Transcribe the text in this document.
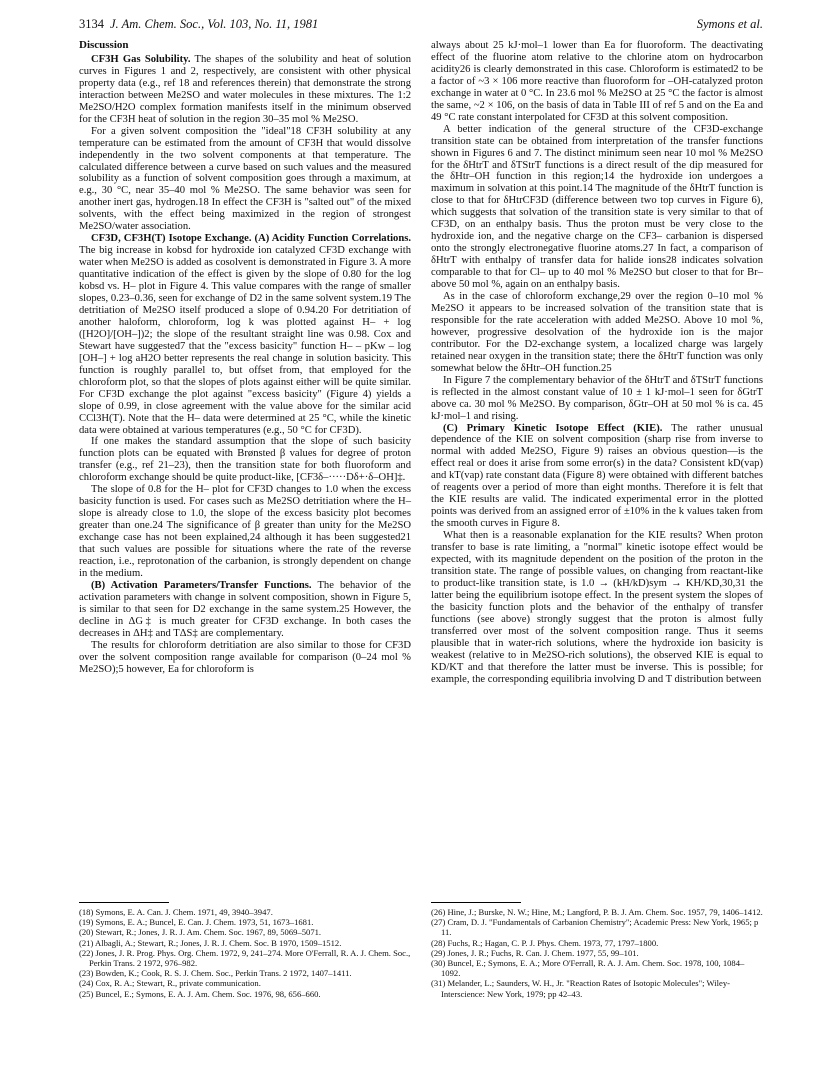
3134 J. Am. Chem. Soc., Vol. 103, No. 11, 1981	Symons et al.
Discussion

CF3H Gas Solubility. The shapes of the solubility and heat of solution curves in Figures 1 and 2, respectively, are consistent with other physical property data (e.g., ref 18 and references therein) that demonstrate the strong interaction between Me2SO and water molecules in these mixtures. The 1:2 Me2SO/H2O complex formation manifests itself in the minimum observed for the CF3H heat of solution in the region 30–35 mol % Me2SO.

For a given solvent composition the "ideal"18 CF3H solubility at any temperature can be estimated from the amount of CF3H that would dissolve independently in the two solvent components at that temperature. The calculated difference between a curve based on such values and the measured solubility as a function of solvent composition goes through a maximum, at e.g., 30 °C, near 35–40 mol % Me2SO. The same behavior was seen for another inert gas, hydrogen.18 In effect the CF3H is "salted out" of the mixed solvents, with the effect being maximized in the region of strongest Me2SO/water association.

CF3D, CF3H(T) Isotope Exchange. (A) Acidity Function Correlations. The big increase in kobsd for hydroxide ion catalyzed CF3D exchange with water when Me2SO is added as cosolvent is demonstrated in Figure 3. A more quantitative indication of the effect is given by the slope of 0.80 for the log kobsd vs. H– plot in Figure 4. This value compares with the range of smaller slopes, 0.23–0.36, seen for exchange of D2 in the same solvent system.19 The detritiation of Me2SO itself produced a slope of 0.94.20 For detritiation of another haloform, chloroform, log k was plotted against H– + log ([H2O]/[OH–])2; the slope of the resultant straight line was 0.98. Cox and Stewart have suggested7 that the "excess basicity" function H– – pKw – log [OH–] + log aH2O better represents the real change in solution basicity. This function is roughly parallel to, but offset from, that employed for the chloroform plot, so that the slopes of plots against either will be quite similar. For CF3D exchange the plot against "excess basicity" (Figure 4) yields a slope of 0.99, in close agreement with the value above for the similar acid CCl3H(T). Note that the H– data were determined at 25 °C, while the kinetic data were obtained at various temperatures (e.g., 50 °C for CF3D).

If one makes the standard assumption that the slope of such basicity function plots can be equated with Brønsted β values for degree of proton transfer (e.g., ref 21–23), then the transition state for both fluoroform and chloroform exchange should be quite product-like, [CF3δ–·····Dδ+·δ–OH]‡.

The slope of 0.8 for the H– plot for CF3D changes to 1.0 when the excess basicity function is used. For cases such as Me2SO detritiation where the H– slope is already close to 1.0, the slope of the excess basicity plot becomes greater than one.24 The significance of β greater than unity for the Me2SO exchange case has not been explained,24 although it has been suggested21 that such values are possible for situations where the rate of the reverse reaction, i.e., reprotonation of the carbanion, is strongly dependent on change in the medium.

(B) Activation Parameters/Transfer Functions. The behavior of the activation parameters with change in solvent composition, shown in Figure 5, is similar to that seen for D2 exchange in the same system.25 However, the decline in ΔG‡ is much greater for CF3D exchange. In both cases the decreases in ΔH‡ and TΔS‡ are complementary.

The results for chloroform detritiation are also similar to those for CF3D over the solvent composition range available for comparison (0–24 mol % Me2SO);5 however, Ea for chloroform is

always about 25 kJ·mol–1 lower than Ea for fluoroform. The deactivating effect of the fluorine atom relative to the chlorine atom on hydrocarbon acidity26 is clearly demonstrated in this case. Chloroform is estimated2 to be a factor of ~3 × 106 more reactive than fluoroform for –OH-catalyzed proton exchange in water at 0 °C. In 23.6 mol % Me2SO at 25 °C the factor is almost the same, ~2 × 106, on the basis of data in Table III of ref 5 and on the Ea and 49 °C rate constant interpolated for CF3D at this solvent composition.

A better indication of the general structure of the CF3D-exchange transition state can be obtained from interpretation of the transfer functions shown in Figures 6 and 7. The distinct minimum seen near 10 mol % Me2SO for the δHtrT and δTStrT functions is a direct result of the dip measured for the δHtr–OH function in this region;14 the hydroxide ion undergoes a maximum in solvation at this point.14 The magnitude of the δHtrT function is close to that for δHtrCF3D (difference between two top curves in Figure 6), which suggests that solvation of the transition state is very similar to that of CF3D, on an enthalpy basis. Thus the proton must be very close to the hydroxide ion, and the negative charge on the CF3– carbanion is dispersed onto the strongly electronegative fluorine atoms.27 In fact, a comparison of δHtrT with enthalpy of transfer data for halide ions28 indicates solvation comparable to that for Cl– up to 40 mol % Me2SO but closer to that for Br– above 50 mol %, again on an enthalpy basis.

As in the case of chloroform exchange,29 over the region 0–10 mol % Me2SO it appears to be increased solvation of the transition state that is responsible for the rate acceleration with added Me2SO. Above 10 mol %, however, progressive desolvation of the hydroxide ion is the major contributor. For the D2-exchange system, a localized charge was largely retained near oxygen in the transition state; there the δHtrT function was only somewhat below the δHtr–OH function.25

In Figure 7 the complementary behavior of the δHtrT and δTStrT functions is reflected in the almost constant value of 10 ± 1 kJ·mol–1 seen for δGtrT above ca. 30 mol % Me2SO. By comparison, δGtr–OH at 50 mol % is ca. 45 kJ·mol–1 and rising.

(C) Primary Kinetic Isotope Effect (KIE). The rather unusual dependence of the KIE on solvent composition (sharp rise from inverse to normal with added Me2SO, Figure 9) raises an obvious question—is the effect real or does it arise from some error(s) in the data? Consistent kD(vap) and kT(vap) rate constant data (Figure 8) were obtained with different batches of reagents over a period of more than eight months. Therefore it is felt that the KIE results are valid. The indicated experimental error in the plotted points was derived from an assigned error of ±10% in the k values taken from the smooth curves in Figure 8.

What then is a reasonable explanation for the KIE results? When proton transfer to base is rate limiting, a "normal" kinetic isotope effect would be expected, with its magnitude dependent on the position of the proton in the transition state. The range of possible values, on changing from reactant-like to product-like transition state, is 1.0 → (kH/kD)sym → KH/KD,30,31 the latter being the equilibrium isotope effect. In the present system the slopes of the basicity function plots and the behavior of the enthalpy of transfer functions (see above) strongly suggest that the proton is almost fully transferred over most of the solvent composition range. Thus it seems plausible that in water-rich solutions, where the hydroxide ion basicity is weakest (relative to in Me2SO-rich solutions), the observed KIE is equal to KD/KT and that therefore the latter must be inverse. This is possible; for example, the corresponding equilibria involving D and T distribution between

(18) Symons, E. A. Can. J. Chem. 1971, 49, 3940–3947.
(19) Symons, E. A.; Buncel, E. Can. J. Chem. 1973, 51, 1673–1681.
(20) Stewart, R.; Jones, J. R. J. Am. Chem. Soc. 1967, 89, 5069–5071.
(21) Albagli, A.; Stewart, R.; Jones, J. R. J. Chem. Soc. B 1970, 1509–1512.
(22) Jones, J. R. Prog. Phys. Org. Chem. 1972, 9, 241–274. More O'Ferrall, R. A. J. Chem. Soc., Perkin Trans. 2 1972, 976–982.
(23) Bowden, K.; Cook, R. S. J. Chem. Soc., Perkin Trans. 2 1972, 1407–1411.
(24) Cox, R. A.; Stewart, R., private communication.
(25) Buncel, E.; Symons, E. A. J. Am. Chem. Soc. 1976, 98, 656–660.
(26) Hine, J.; Burske, N. W.; Hine, M.; Langford, P. B. J. Am. Chem. Soc. 1957, 79, 1406–1412.
(27) Cram, D. J. "Fundamentals of Carbanion Chemistry"; Academic Press: New York, 1965; p 11.
(28) Fuchs, R.; Hagan, C. P. J. Phys. Chem. 1973, 77, 1797–1800.
(29) Jones, J. R.; Fuchs, R. Can. J. Chem. 1977, 55, 99–101.
(30) Buncel, E.; Symons, E. A.; More O'Ferrall, R. A. J. Am. Chem. Soc. 1978, 100, 1084–1092.
(31) Melander, L.; Saunders, W. H., Jr. "Reaction Rates of Isotopic Molecules"; Wiley-Interscience: New York, 1979; pp 42–43.
